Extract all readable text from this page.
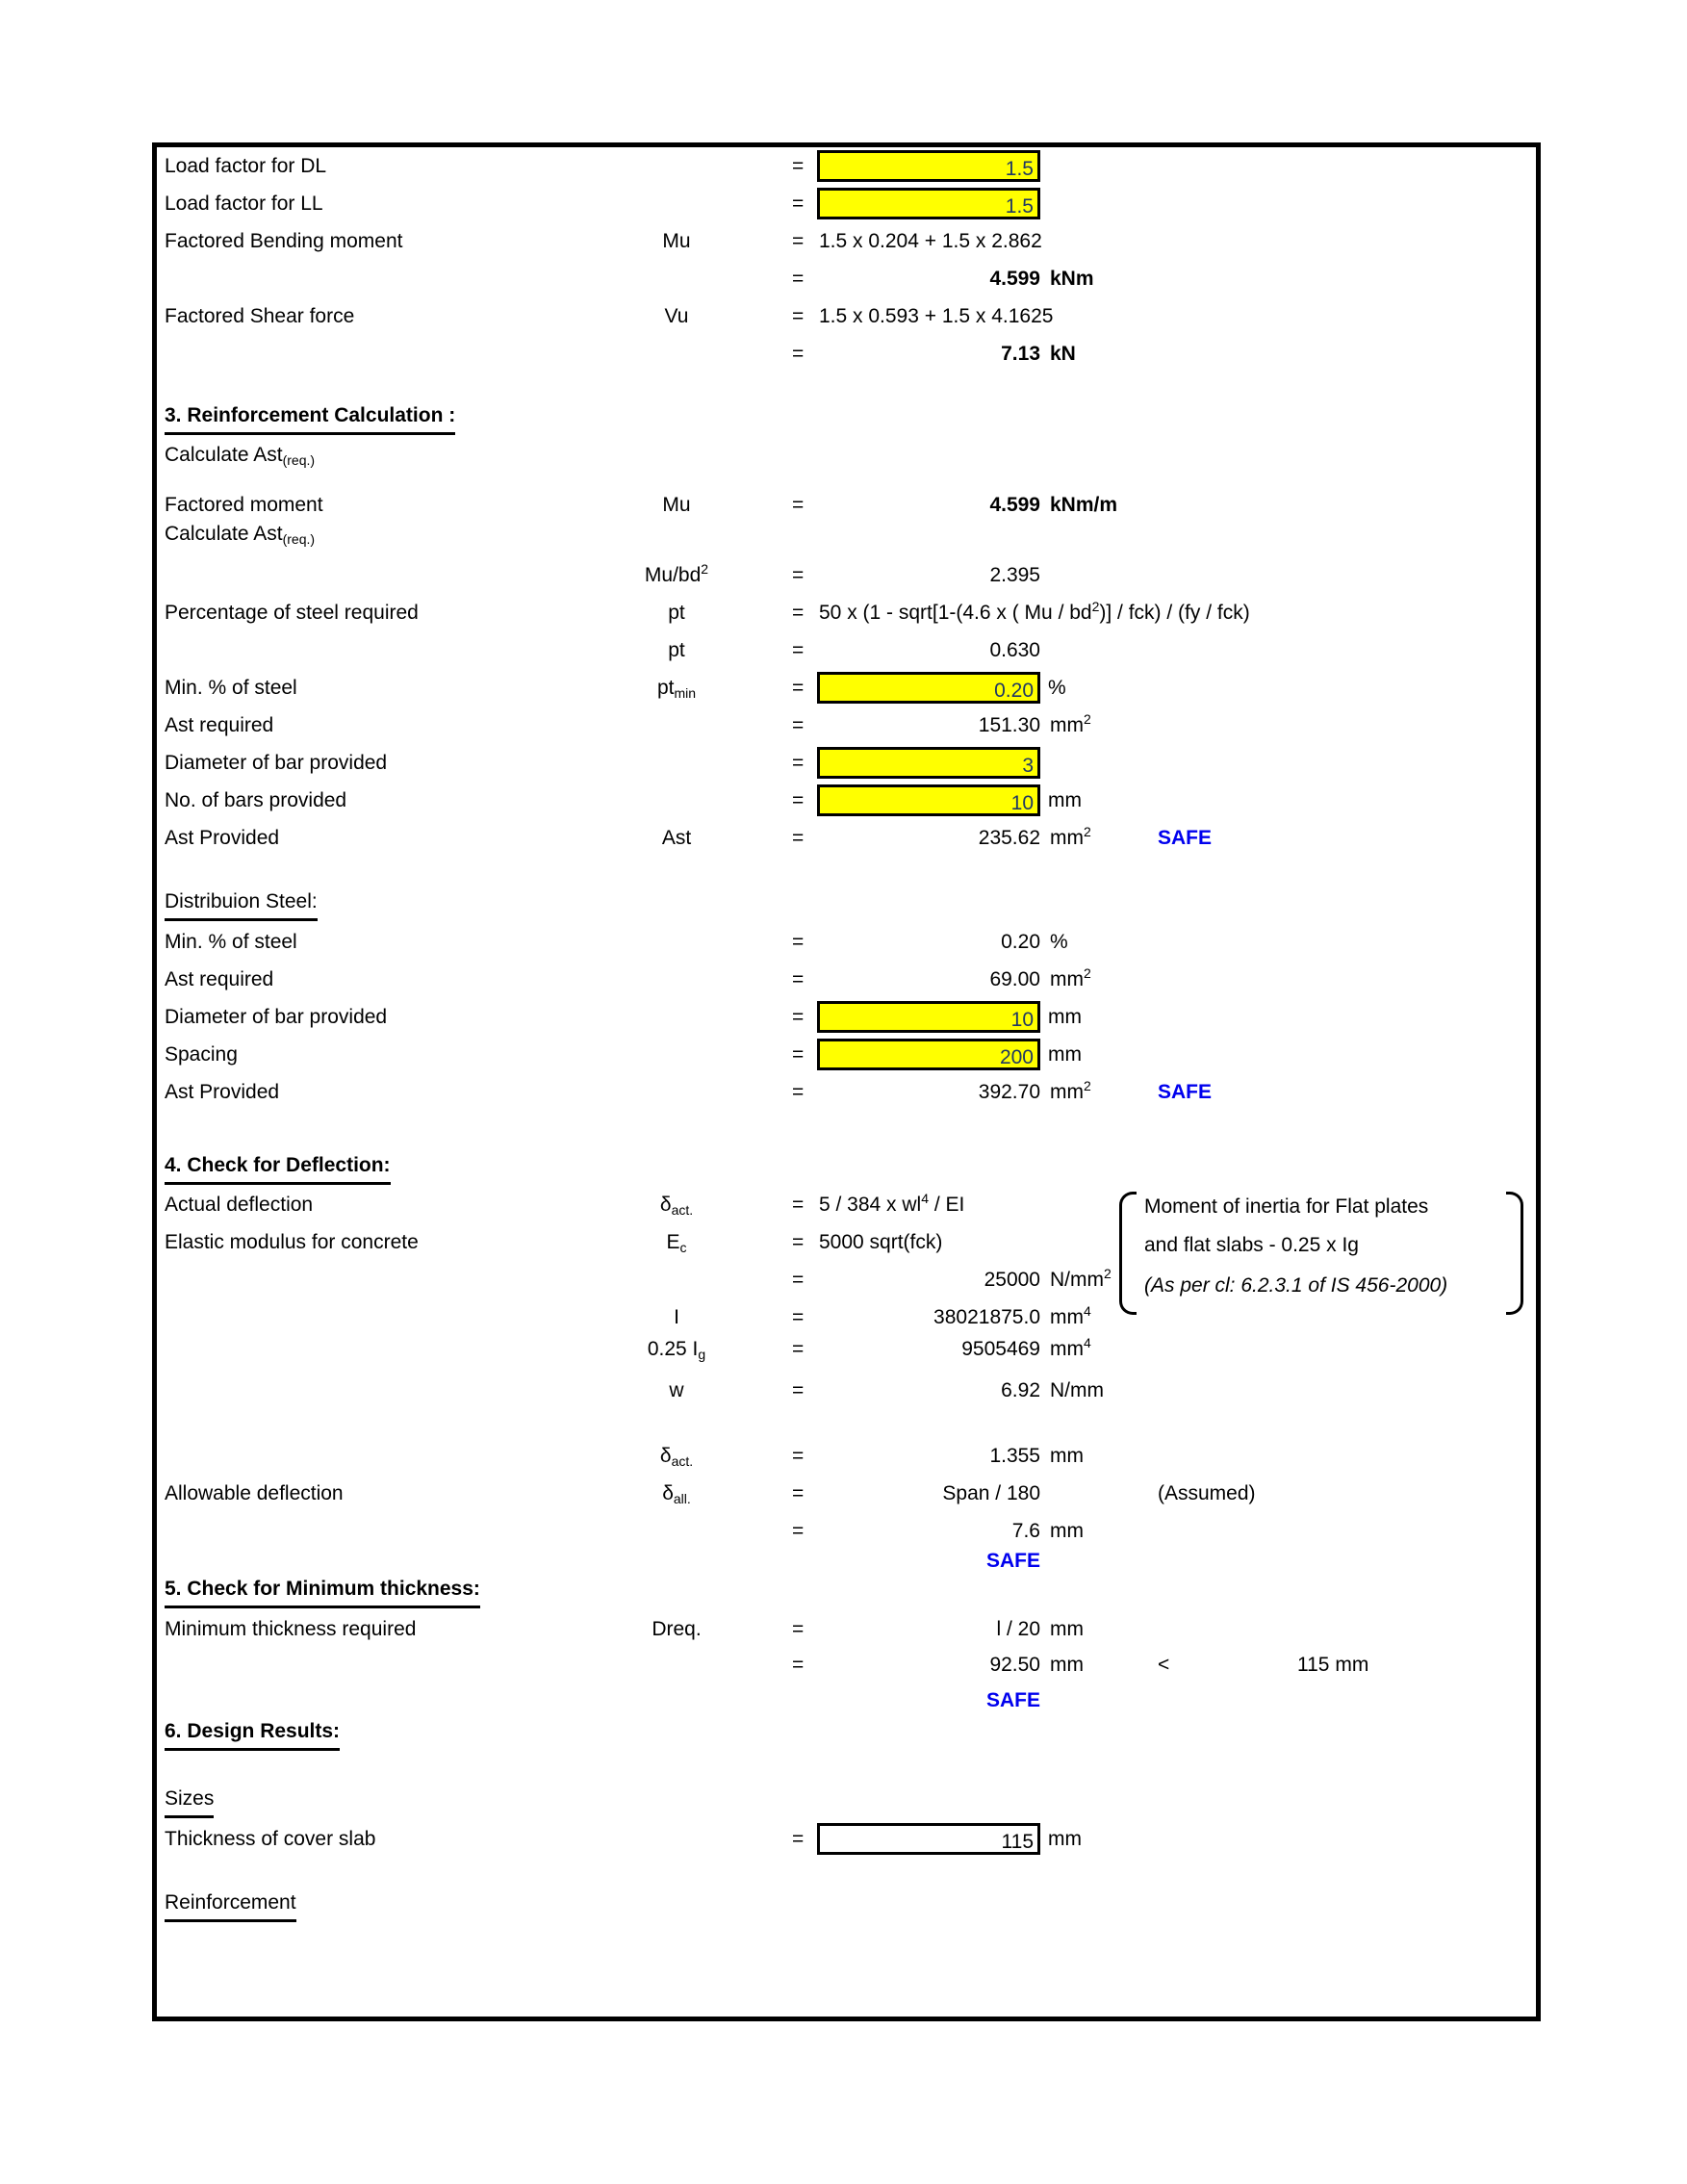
Load factor for DL	=	1.5
Load factor for LL	=	1.5
Factored Bending moment	Mu	= 1.5 x 0.204 + 1.5 x 2.862
=	4.599 kNm
Factored Shear force	Vu	= 1.5 x 0.593 + 1.5 x 4.1625
=	7.13 kN
3. Reinforcement Calculation :
Calculate Ast$_{(req.)}$
Factored moment	Mu	=	4.599 kNm/m
Calculate Ast$_{(req.)}$
$Mu/bd^2$	=	2.395
Percentage of steel required	pt	= 50 x (1 - sqrt[1-(4.6 x ( Mu / $bd^2)] / fck) / (fy / fck)$
pt	=	0.630
Min. % of steel	$pt_{min}$	=	0.20 %
Ast required	=	151.30 $mm^2$
Diameter of bar provided	=	3
No. of bars provided	=	10 mm
Ast Provided	Ast	=	235.62 $mm^2$	SAFE
Distribuion Steel:
Min. % of steel	=	0.20 %
Ast required	=	69.00 $mm^2$
Diameter of bar provided	=	10 mm
Spacing	=	200 mm
Ast Provided	=	392.70 $mm^2$	SAFE
4. Check for Deflection:
Actual deflection	$\delta_{act.}$	= 5 / 384 x $wl^4$ / EI
Elastic modulus for concrete	$E_c$	= 5000 sqrt(fck)
=	25000 $N/mm^2$
I	=	38021875.0 $mm^4$
0.25 $I_g$	=	9505469 $mm^4$
w	=	6.92 N/mm
$\delta_{act.}$	=	1.355 mm
Allowable deflection	$\delta_{all.}$	=	Span / 180	(Assumed)
=	7.6 mm
SAFE
Moment of inertia for Flat plates
and flat slabs - 0.25 x Ig
(As per cl: 6.2.3.1 of IS 456-2000)
5. Check for Minimum thickness:
Minimum thickness required	Dreq.	=	l / 20 mm
=	92.50 mm	<	115 mm
SAFE
6. Design Results:
Sizes
Thickness of cover slab	=	115 mm
Reinforcement
